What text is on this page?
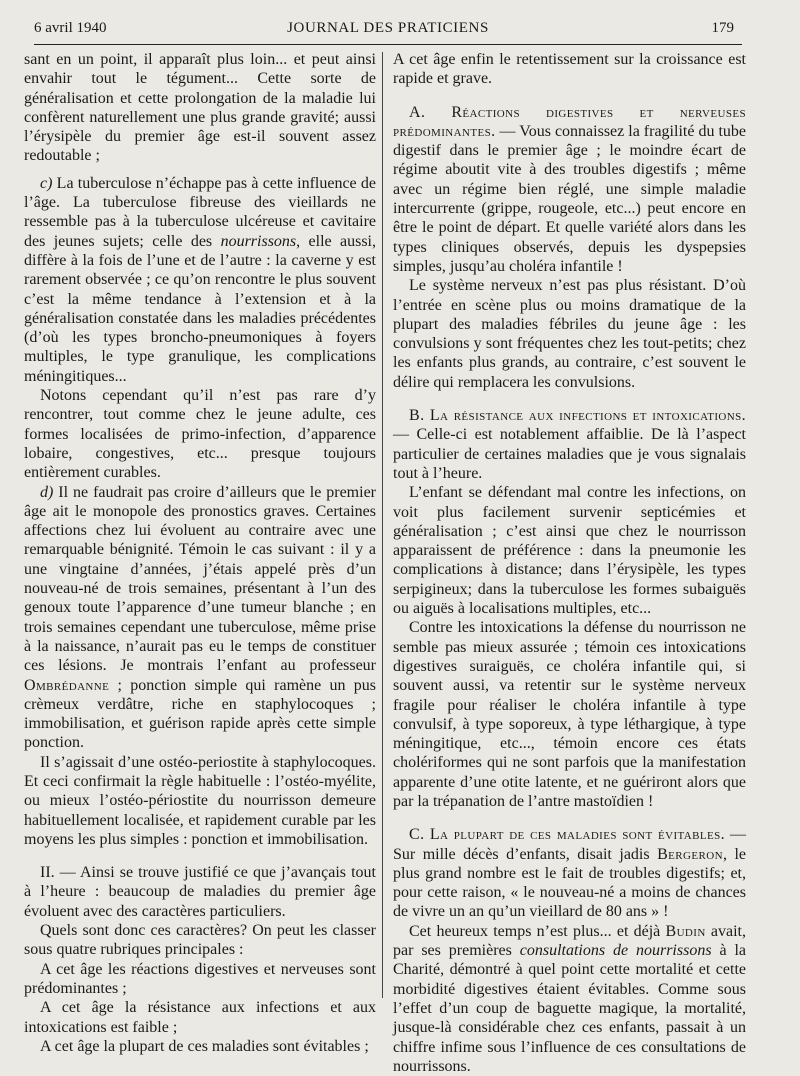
6 avril 1940	JOURNAL DES PRATICIENS	179

sant en un point, il apparaît plus loin... et peut ainsi envahir tout le tégument... Cette sorte de généralisation et cette prolongation de la maladie lui confèrent naturellement une plus grande gravité; aussi l’érysipèle du premier âge est-il souvent assez redoutable ;

c) La tuberculose n’échappe pas à cette influence de l’âge. La tuberculose fibreuse des vieillards ne ressemble pas à la tuberculose ulcéreuse et cavitaire des jeunes sujets; celle des nourrissons, elle aussi, diffère à la fois de l’une et de l’autre : la caverne y est rarement observée ; ce qu’on rencontre le plus souvent c’est la même tendance à l’extension et à la généralisation constatée dans les maladies précédentes (d’où les types broncho-pneumoniques à foyers multiples, le type granulique, les complications méningitiques...

Notons cependant qu’il n’est pas rare d’y rencontrer, tout comme chez le jeune adulte, ces formes localisées de primo-infection, d’apparence lobaire, congestives, etc... presque toujours entièrement curables.

d) Il ne faudrait pas croire d’ailleurs que le premier âge ait le monopole des pronostics graves. Certaines affections chez lui évoluent au contraire avec une remarquable bénignité. Témoin le cas suivant : il y a une vingtaine d’années, j’étais appelé près d’un nouveau-né de trois semaines, présentant à l’un des genoux toute l’apparence d’une tumeur blanche ; en trois semaines cependant une tuberculose, même prise à la naissance, n’aurait pas eu le temps de constituer ces lésions. Je montrais l’enfant au professeur Ombrédanne ; ponction simple qui ramène un pus crèmeux verdâtre, riche en staphylocoques ; immobilisation, et guérison rapide après cette simple ponction.

Il s’agissait d’une ostéo-periostite à staphylocoques. Et ceci confirmait la règle habituelle : l’ostéo-myélite, ou mieux l’ostéo-périostite du nourrisson demeure habituellement localisée, et rapidement curable par les moyens les plus simples : ponction et immobilisation.

II. — Ainsi se trouve justifié ce que j’avançais tout à l’heure : beaucoup de maladies du premier âge évoluent avec des caractères particuliers.

Quels sont donc ces caractères? On peut les classer sous quatre rubriques principales :

A cet âge les réactions digestives et nerveuses sont prédominantes ;

A cet âge la résistance aux infections et aux intoxications est faible ;

A cet âge la plupart de ces maladies sont évitables ;

A cet âge enfin le retentissement sur la croissance est rapide et grave.

A. Réactions digestives et nerveuses prédominantes. — Vous connaissez la fragilité du tube digestif dans le premier âge ; le moindre écart de régime aboutit vite à des troubles digestifs ; même avec un régime bien réglé, une simple maladie intercurrente (grippe, rougeole, etc...) peut encore en être le point de départ. Et quelle variété alors dans les types cliniques observés, depuis les dyspepsies simples, jusqu’au choléra infantile !

Le système nerveux n’est pas plus résistant. D’où l’entrée en scène plus ou moins dramatique de la plupart des maladies fébriles du jeune âge : les convulsions y sont fréquentes chez les tout-petits; chez les enfants plus grands, au contraire, c’est souvent le délire qui remplacera les convulsions.

B. La résistance aux infections et intoxications. — Celle-ci est notablement affaiblie. De là l’aspect particulier de certaines maladies que je vous signalais tout à l’heure.

L’enfant se défendant mal contre les infections, on voit plus facilement survenir septicémies et généralisation ; c’est ainsi que chez le nourrisson apparaissent de préférence : dans la pneumonie les complications à distance; dans l’érysipèle, les types serpigineux; dans la tuberculose les formes subaiguës ou aiguës à localisations multiples, etc...

Contre les intoxications la défense du nourrisson ne semble pas mieux assurée ; témoin ces intoxications digestives suraiguës, ce choléra infantile qui, si souvent aussi, va retentir sur le système nerveux fragile pour réaliser le choléra infantile à type convulsif, à type soporeux, à type léthargique, à type méningitique, etc..., témoin encore ces états cholériformes qui ne sont parfois que la manifestation apparente d’une otite latente, et ne guériront alors que par la trépanation de l’antre mastoïdien !

C. La plupart de ces maladies sont évitables. — Sur mille décès d’enfants, disait jadis Bergeron, le plus grand nombre est le fait de troubles digestifs; et, pour cette raison, « le nouveau-né a moins de chances de vivre un an qu’un vieillard de 80 ans » !

Cet heureux temps n’est plus... et déjà Budin avait, par ses premières consultations de nourrissons à la Charité, démontré à quel point cette mortalité et cette morbidité digestives étaient évitables. Comme sous l’effet d’un coup de baguette magique, la mortalité, jusque-là considérable chez ces enfants, passait à un chiffre infime sous l’influence de ces consultations de nourrissons.
